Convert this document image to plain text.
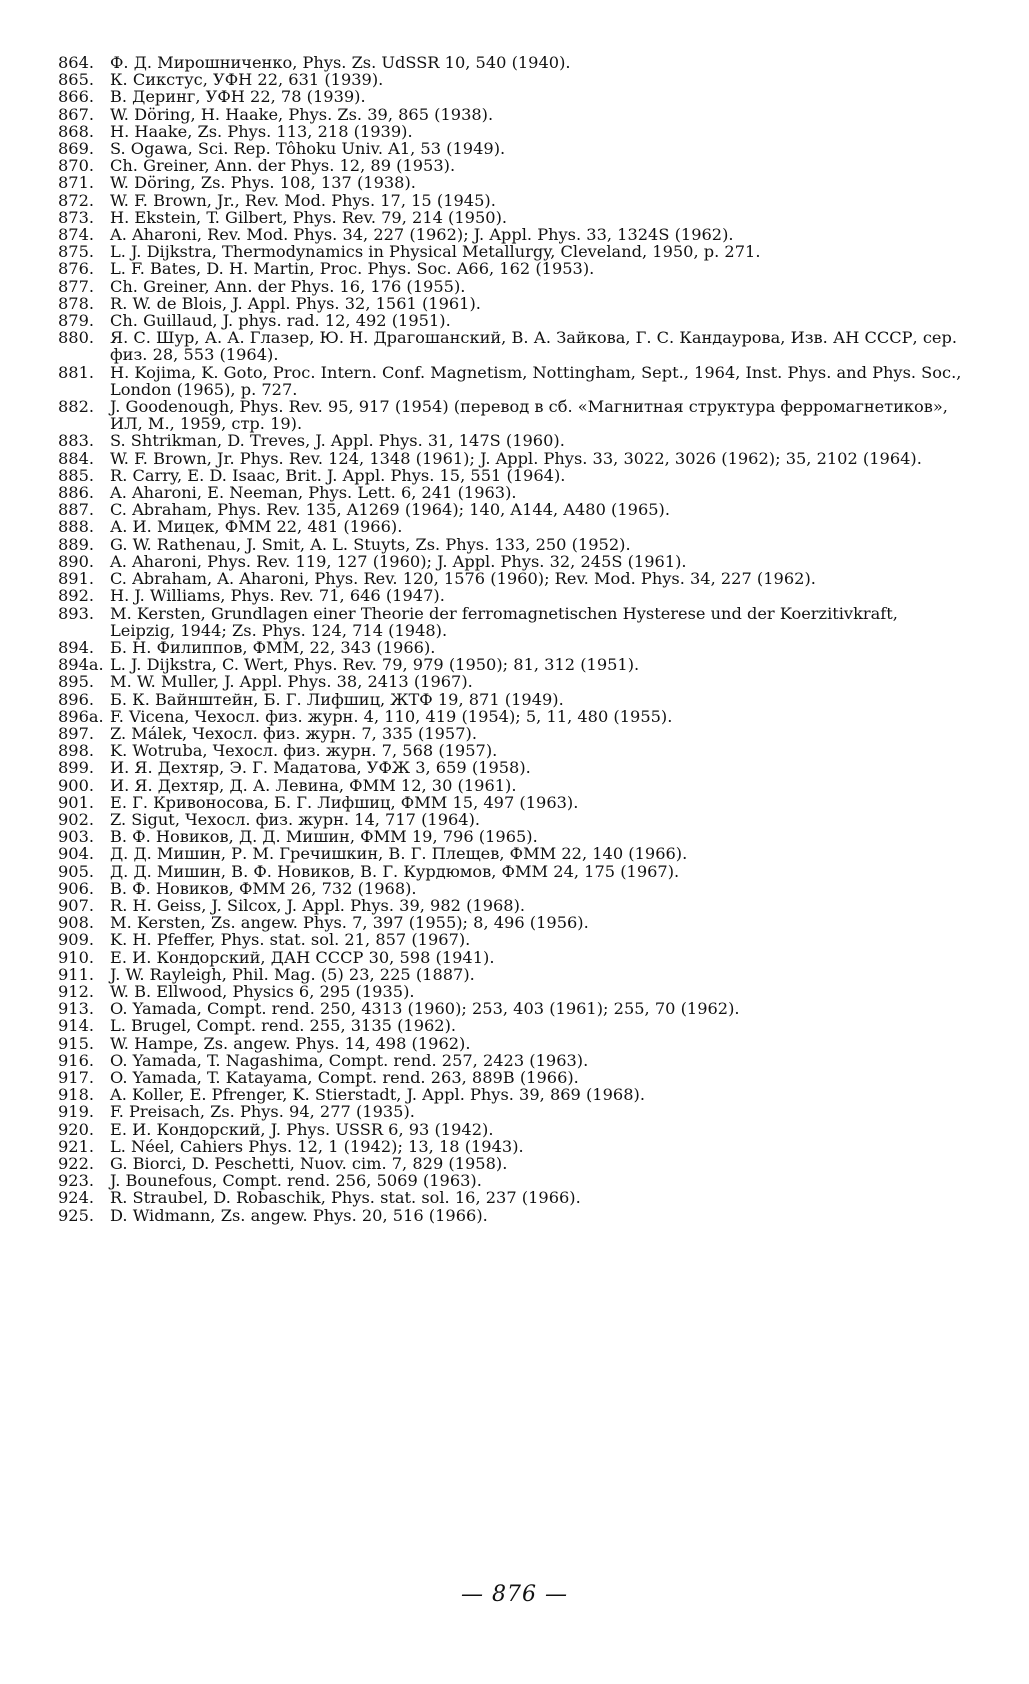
864. Ф. Д. Мирошниченко, Phys. Zs. UdSSR 10, 540 (1940).
865. К. Сикстус, УФН 22, 631 (1939).
866. В. Деринг, УФН 22, 78 (1939).
867. W. Döring, H. Haake, Phys. Zs. 39, 865 (1938).
868. H. Haake, Zs. Phys. 113, 218 (1939).
869. S. Ogawa, Sci. Rep. Tôhoku Univ. A1, 53 (1949).
870. Ch. Greiner, Ann. der Phys. 12, 89 (1953).
871. W. Döring, Zs. Phys. 108, 137 (1938).
872. W. F. Brown, Jr., Rev. Mod. Phys. 17, 15 (1945).
873. H. Ekstein, T. Gilbert, Phys. Rev. 79, 214 (1950).
874. A. Aharoni, Rev. Mod. Phys. 34, 227 (1962); J. Appl. Phys. 33, 1324S (1962).
875. L. J. Dijkstra, Thermodynamics in Physical Metallurgy, Cleveland, 1950, p. 271.
876. L. F. Bates, D. H. Martin, Proc. Phys. Soc. A66, 162 (1953).
877. Ch. Greiner, Ann. der Phys. 16, 176 (1955).
878. R. W. de Blois, J. Appl. Phys. 32, 1561 (1961).
879. Ch. Guillaud, J. phys. rad. 12, 492 (1951).
880. Я. С. Шур, А. А. Глазер, Ю. Н. Драгошанский, В. А. Зайкова, Г. С. Кандаурова, Изв. АН СССР, сер. физ. 28, 553 (1964).
881. H. Kojima, K. Goto, Proc. Intern. Conf. Magnetism, Nottingham, Sept., 1964, Inst. Phys. and Phys. Soc., London (1965), p. 727.
882. J. Goodenough, Phys. Rev. 95, 917 (1954) (перевод в сб. «Магнитная структура ферромагнетиков», ИЛ, М., 1959, стр. 19).
883. S. Shtrikman, D. Treves, J. Appl. Phys. 31, 147S (1960).
884. W. F. Brown, Jr. Phys. Rev. 124, 1348 (1961); J. Appl. Phys. 33, 3022, 3026 (1962); 35, 2102 (1964).
885. R. Carry, E. D. Isaac, Brit. J. Appl. Phys. 15, 551 (1964).
886. A. Aharoni, E. Neeman, Phys. Lett. 6, 241 (1963).
887. C. Abraham, Phys. Rev. 135, A1269 (1964); 140, A144, A480 (1965).
888. А. И. Мицек, ФММ 22, 481 (1966).
889. G. W. Rathenau, J. Smit, A. L. Stuyts, Zs. Phys. 133, 250 (1952).
890. A. Aharoni, Phys. Rev. 119, 127 (1960); J. Appl. Phys. 32, 245S (1961).
891. C. Abraham, A. Aharoni, Phys. Rev. 120, 1576 (1960); Rev. Mod. Phys. 34, 227 (1962).
892. H. J. Williams, Phys. Rev. 71, 646 (1947).
893. M. Kersten, Grundlagen einer Theorie der ferromagnetischen Hysterese und der Koerzitivkraft, Leipzig, 1944; Zs. Phys. 124, 714 (1948).
894. Б. Н. Филиппов, ФММ, 22, 343 (1966).
894a. L. J. Dijkstra, C. Wert, Phys. Rev. 79, 979 (1950); 81, 312 (1951).
895. M. W. Muller, J. Appl. Phys. 38, 2413 (1967).
896. Б. К. Вайнштейн, Б. Г. Лифшиц, ЖТФ 19, 871 (1949).
896a. F. Vicena, Чехосл. физ. журн. 4, 110, 419 (1954); 5, 11, 480 (1955).
897. Z. Málek, Чехосл. физ. журн. 7, 335 (1957).
898. K. Wotruba, Чехосл. физ. журн. 7, 568 (1957).
899. И. Я. Дехтяр, Э. Г. Мадатова, УФЖ 3, 659 (1958).
900. И. Я. Дехтяр, Д. А. Левина, ФММ 12, 30 (1961).
901. Е. Г. Кривоносова, Б. Г. Лифшиц, ФММ 15, 497 (1963).
902. Z. Sigut, Чехосл. физ. журн. 14, 717 (1964).
903. В. Ф. Новиков, Д. Д. Мишин, ФММ 19, 796 (1965).
904. Д. Д. Мишин, Р. М. Гречишкин, В. Г. Плещев, ФММ 22, 140 (1966).
905. Д. Д. Мишин, В. Ф. Новиков, В. Г. Курдюмов, ФММ 24, 175 (1967).
906. В. Ф. Новиков, ФММ 26, 732 (1968).
907. R. H. Geiss, J. Silcox, J. Appl. Phys. 39, 982 (1968).
908. M. Kersten, Zs. angew. Phys. 7, 397 (1955); 8, 496 (1956).
909. K. H. Pfeffer, Phys. stat. sol. 21, 857 (1967).
910. Е. И. Кондорский, ДАН СССР 30, 598 (1941).
911. J. W. Rayleigh, Phil. Mag. (5) 23, 225 (1887).
912. W. B. Ellwood, Physics 6, 295 (1935).
913. O. Yamada, Compt. rend. 250, 4313 (1960); 253, 403 (1961); 255, 70 (1962).
914. L. Brugel, Compt. rend. 255, 3135 (1962).
915. W. Hampe, Zs. angew. Phys. 14, 498 (1962).
916. O. Yamada, T. Nagashima, Compt. rend. 257, 2423 (1963).
917. O. Yamada, T. Katayama, Compt. rend. 263, 889B (1966).
918. A. Koller, E. Pfrenger, K. Stierstadt, J. Appl. Phys. 39, 869 (1968).
919. F. Preisach, Zs. Phys. 94, 277 (1935).
920. Е. И. Кондорский, J. Phys. USSR 6, 93 (1942).
921. L. Néel, Cahiers Phys. 12, 1 (1942); 13, 18 (1943).
922. G. Biorci, D. Peschetti, Nuov. cim. 7, 829 (1958).
923. J. Bounefous, Compt. rend. 256, 5069 (1963).
924. R. Straubel, D. Robaschik, Phys. stat. sol. 16, 237 (1966).
925. D. Widmann, Zs. angew. Phys. 20, 516 (1966).
— 876 —
